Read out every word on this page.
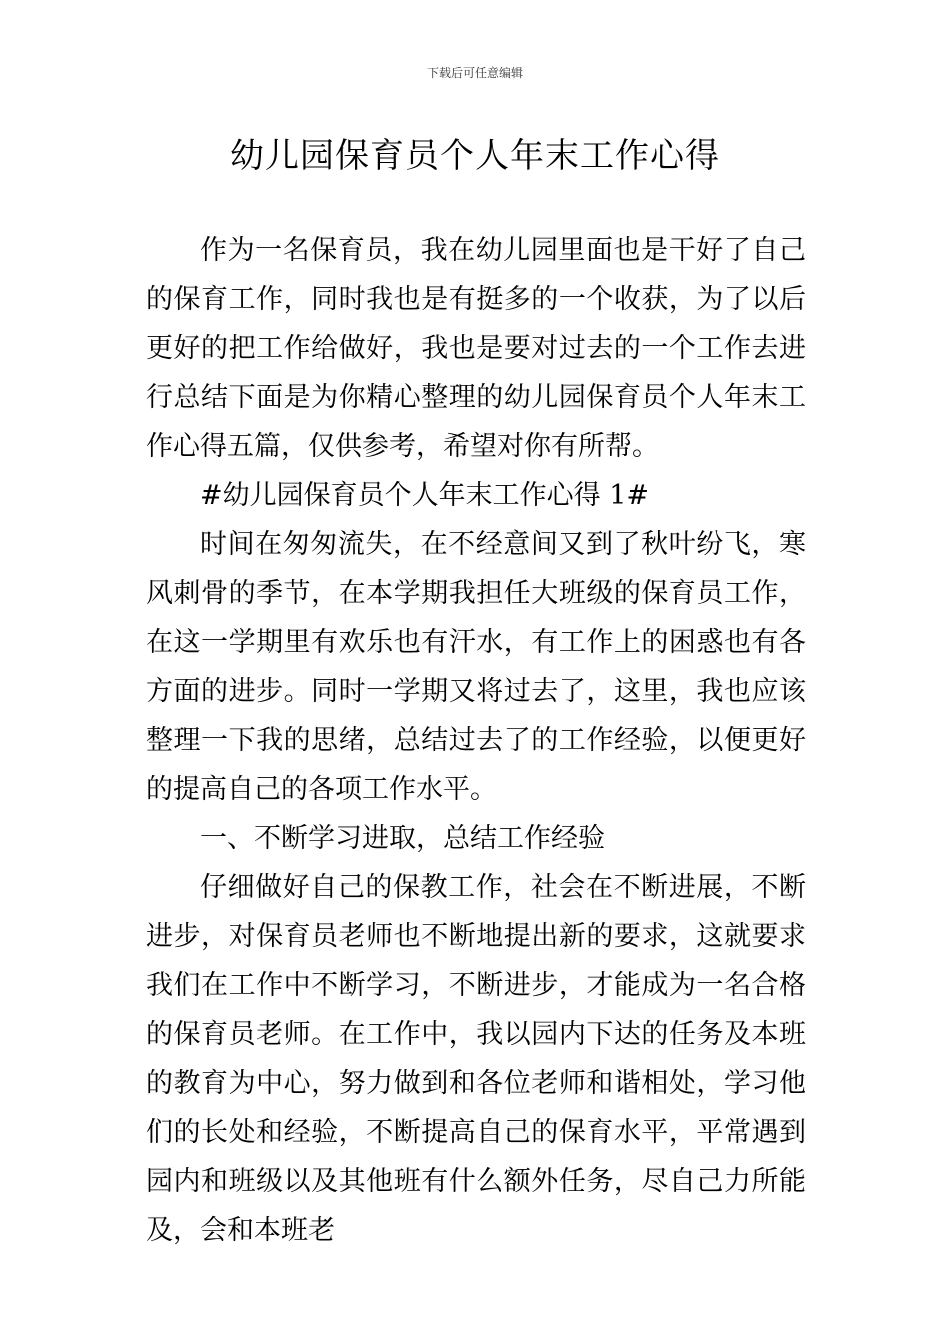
下载后可任意编辑
幼儿园保育员个人年末工作心得

作为一名保育员，我在幼儿园里面也是干好了自己的保育工作，同时我也是有挺多的一个收获，为了以后更好的把工作给做好，我也是要对过去的一个工作去进行总结下面是为你精心整理的幼儿园保育员个人年末工作心得五篇，仅供参考，希望对你有所帮。

#幼儿园保育员个人年末工作心得 1#

时间在匆匆流失，在不经意间又到了秋叶纷飞，寒风刺骨的季节，在本学期我担任大班级的保育员工作，在这一学期里有欢乐也有汗水，有工作上的困惑也有各方面的进步。同时一学期又将过去了，这里，我也应该整理一下我的思绪，总结过去了的工作经验，以便更好的提高自己的各项工作水平。

一、不断学习进取，总结工作经验

仔细做好自己的保教工作，社会在不断进展，不断进步，对保育员老师也不断地提出新的要求，这就要求我们在工作中不断学习，不断进步，才能成为一名合格的保育员老师。在工作中，我以园内下达的任务及本班的教育为中心，努力做到和各位老师和谐相处，学习他们的长处和经验，不断提高自己的保育水平，平常遇到园内和班级以及其他班有什么额外任务，尽自己力所能及，会和本班老
